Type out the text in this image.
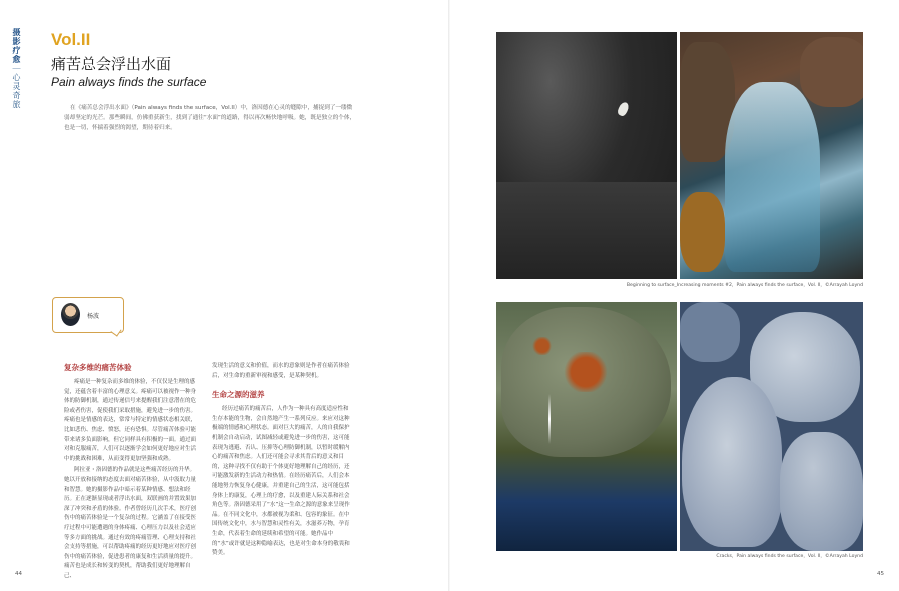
摄影疗愈｜心灵奇旅
Vol.II
痛苦总会浮出水面
Pain always finds the surface
在《痛苦总会浮出水面》（Pain always finds the surface，Vol.II）中，洛因德在心灵的缝隙中，捕捉到了一缕微弱却坚定的光芒。那些瞬间，仿佛重获新生，找到了通往“水面”的道路，得以再次畅快地呼吸。她，既是独立的个体，也是一切，怀揣着强烈的渴望，期待着归来。
杨波
复杂多维的痛苦体验

疼痛是一种复杂而多维的体验，不仅仅是生理的感觉，还蕴含着丰富的心理意义。疼痛可以被视作一种身体的防御机制，通过传递信号来提醒我们注意潜在的危险或者伤害，促使我们采取措施，避免进一步的伤害。疼痛也是情感的表达，常常与特定的情感状态相关联，比如悲伤、焦虑、愤怒，还有恐惧。尽管痛苦体验可能带来诸多负面影响，但它同样具有积极的一面。通过面对和克服痛苦，人们可以逐渐学会如何更好地应对生活中的挑战和困难，从而变得更加坚强和成熟。

阿拉亚・洛因德的作品就是这些痛苦经历的升华。她以开放和接纳的态度去面对痛苦体验，从中汲取力量和智慧。她的摄影作品中暗示着某种情感、想法和经历。正在逐渐显现或者浮出水面，双联画的并置效果加深了冲突和矛盾的体验。作者曾经历几次手术，医疗创伤中的痛苦体验是一个复杂的过程。它涵盖了在接受医疗过程中可能遭遇的身体疼痛、心理压力以及社会适应等多方面的挑战。通过有效的疼痛管理、心理支持和社会支持等措施，可以帮助疼痛的经历更好地应对医疗创伤中的痛苦体验，促进患者的康复和生活质量的提升。痛苦也是成长和转变的契机，帮助我们更好地理解自己、

发现生活的意义和价值，而水的意象则是作者在痛苦体验后，对生命的重新审视和感受，是某种契机。

生命之源的滋养

经历过痛苦的痛苦后，人作为一种具有高度适应性和生存本能的生物，会自然地产生一系列反应。来应对这种极端的情感和心理状态。面对巨大的痛苦，人的自我保护机制会自动启动，试图减轻或避免进一步的伤害，这可能表现为逃避、否认、压抑等心理防御机制，以暂时缓解内心的痛苦和焦虑。人们还可能会寻求其背后的意义和目的，这种寻找不仅有助于个体更好地理解自己的经历，还可能激发新的生活动力和热情。在经历痛苦后，人们会本能地努力恢复身心健康，并重建自己的生活，这可能包括身体上的康复，心理上的疗愈，以及重建人际关系和社会角色等。洛因德采用了“水”这一生命之源的意象来呈现作品。在不同文化中，水都被视为柔和、包容的象征。在中国传统文化中，水与智慧和灵性有关，水滋养万物，孕育生命，代表着生命的延续和希望的可能。她作品中的“水”或许就是这种隐喻表达，也是对生命本身的敬畏和赞美。

44
Beginning to surface_Increasing moments #2，Pain always finds the surface，Vol. II，©Arrayah Loynd
Cracks，Pain always finds the surface，Vol. II，©Arrayah Loynd
45
